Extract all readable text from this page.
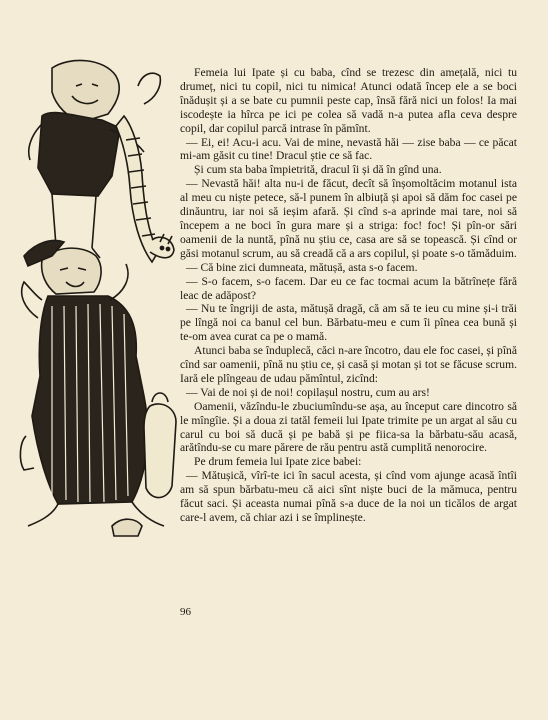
Femeia lui Ipate și cu baba, cînd se trezesc din amețală, nici tu drumeț, nici tu copil, nici tu nimica! Atunci odată încep ele a se boci înădușit și a se bate cu pumnii peste cap, însă fără nici un folos! Ia mai iscodește ia hîrca pe ici pe colea să vadă n-a putea afla ceva despre copil, dar copilul parcă intrase în pămînt.

— Ei, ei! Acu-i acu. Vai de mine, nevastă hăi — zise baba — ce păcat mi-am găsit cu tine! Dracul știe ce să fac.

Și cum sta baba împietrită, dracul îi și dă în gînd una.

— Nevastă hăi! alta nu-i de făcut, decît să înșomoltăcim motanul ista al meu cu niște petece, să-l punem în albiuță și apoi să dăm foc casei pe dinăuntru, iar noi să ieșim afară. Și cînd s-a aprinde mai tare, noi să începem a ne boci în gura mare și a striga: foc! foc! Și pîn-or sări oamenii de la nuntă, pînă nu știu ce, casa are să se topească. Și cînd or găsi motanul scrum, au să creadă că a ars copilul, și poate s-o tămăduim.

— Că bine zici dumneata, mătușă, asta s-o facem.

— S-o facem, s-o facem. Dar eu ce fac tocmai acum la bătrînețe fără leac de adăpost?

— Nu te îngriji de asta, mătușă dragă, că am să te ieu cu mine și-i trăi pe lîngă noi ca banul cel bun. Bărbatu-meu e cum îi pînea cea bună și te-om avea curat ca pe o mamă.

Atunci baba se înduplecă, căci n-are încotro, dau ele foc casei, și pînă cînd sar oamenii, pînă nu știu ce, și casă și motan și tot se făcuse scrum. Iară ele plîngeau de udau pămîntul, zicînd:

— Vai de noi și de noi! copilașul nostru, cum au ars!

Oamenii, văzîndu-le zbuciumîndu-se așa, au început care dincotro să le mîngîie. Și a doua zi tatăl femeii lui Ipate trimite pe un argat al său cu carul cu boi să ducă și pe babă și pe fiica-sa la bărbatu-său acasă, arătîndu-se cu mare părere de rău pentru astă cumplită nenorocire.

Pe drum femeia lui Ipate zice babei:

— Mătușică, vîrî-te ici în sacul acesta, și cînd vom ajunge acasă întîi am să spun bărbatu-meu că aici sînt niște buci de la mămuca, pentru făcut saci. Și aceasta numai pînă s-a duce de la noi un ticălos de argat care-l avem, că chiar azi i se împlinește.

96
